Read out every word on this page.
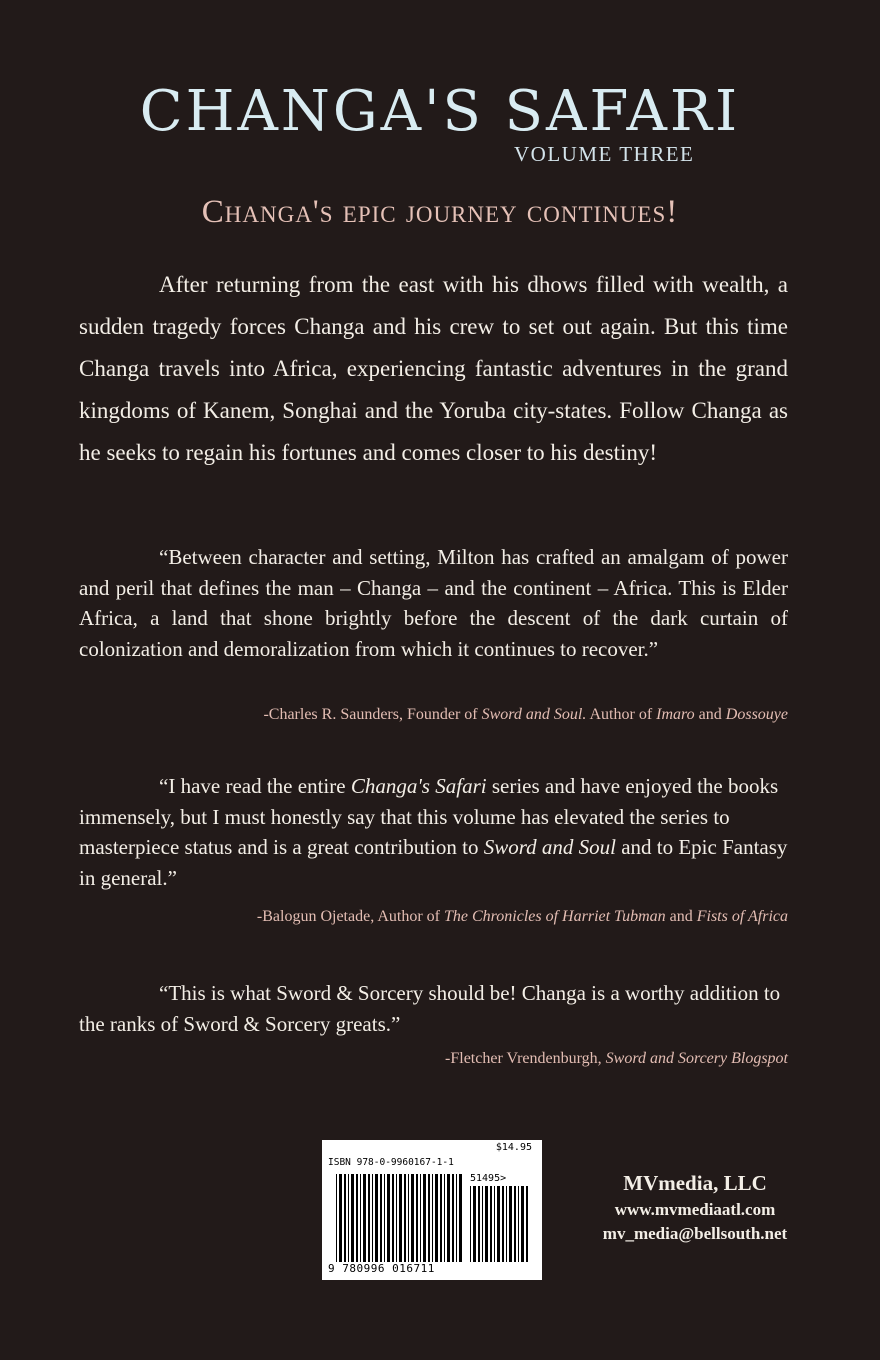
CHANGA'S SAFARI
VOLUME THREE
Changa's epic journey continues!

After returning from the east with his dhows filled with wealth, a sudden tragedy forces Changa and his crew to set out again. But this time Changa travels into Africa, experiencing fantastic adventures in the grand kingdoms of Kanem, Songhai and the Yoruba city-states. Follow Changa as he seeks to regain his fortunes and comes closer to his destiny!

“Between character and setting, Milton has crafted an amalgam of power and peril that defines the man – Changa – and the continent – Africa. This is Elder Africa, a land that shone brightly before the descent of the dark curtain of colonization and demoralization from which it continues to recover.”

-Charles R. Saunders, Founder of Sword and Soul. Author of Imaro and Dossouye

“I have read the entire Changa's Safari series and have enjoyed the books immensely, but I must honestly say that this volume has elevated the series to masterpiece status and is a great contribution to Sword and Soul and to Epic Fantasy in general.”

-Balogun Ojetade, Author of The Chronicles of Harriet Tubman and Fists of Africa

“This is what Sword & Sorcery should be! Changa is a worthy addition to the ranks of Sword & Sorcery greats.”

-Fletcher Vrendenburgh, Sword and Sorcery Blogspot

$14.95
ISBN 978-0-9960167-1-1
51495>
9 780996 016711
MVmedia, LLC
www.mvmediaatl.com
mv_media@bellsouth.net
